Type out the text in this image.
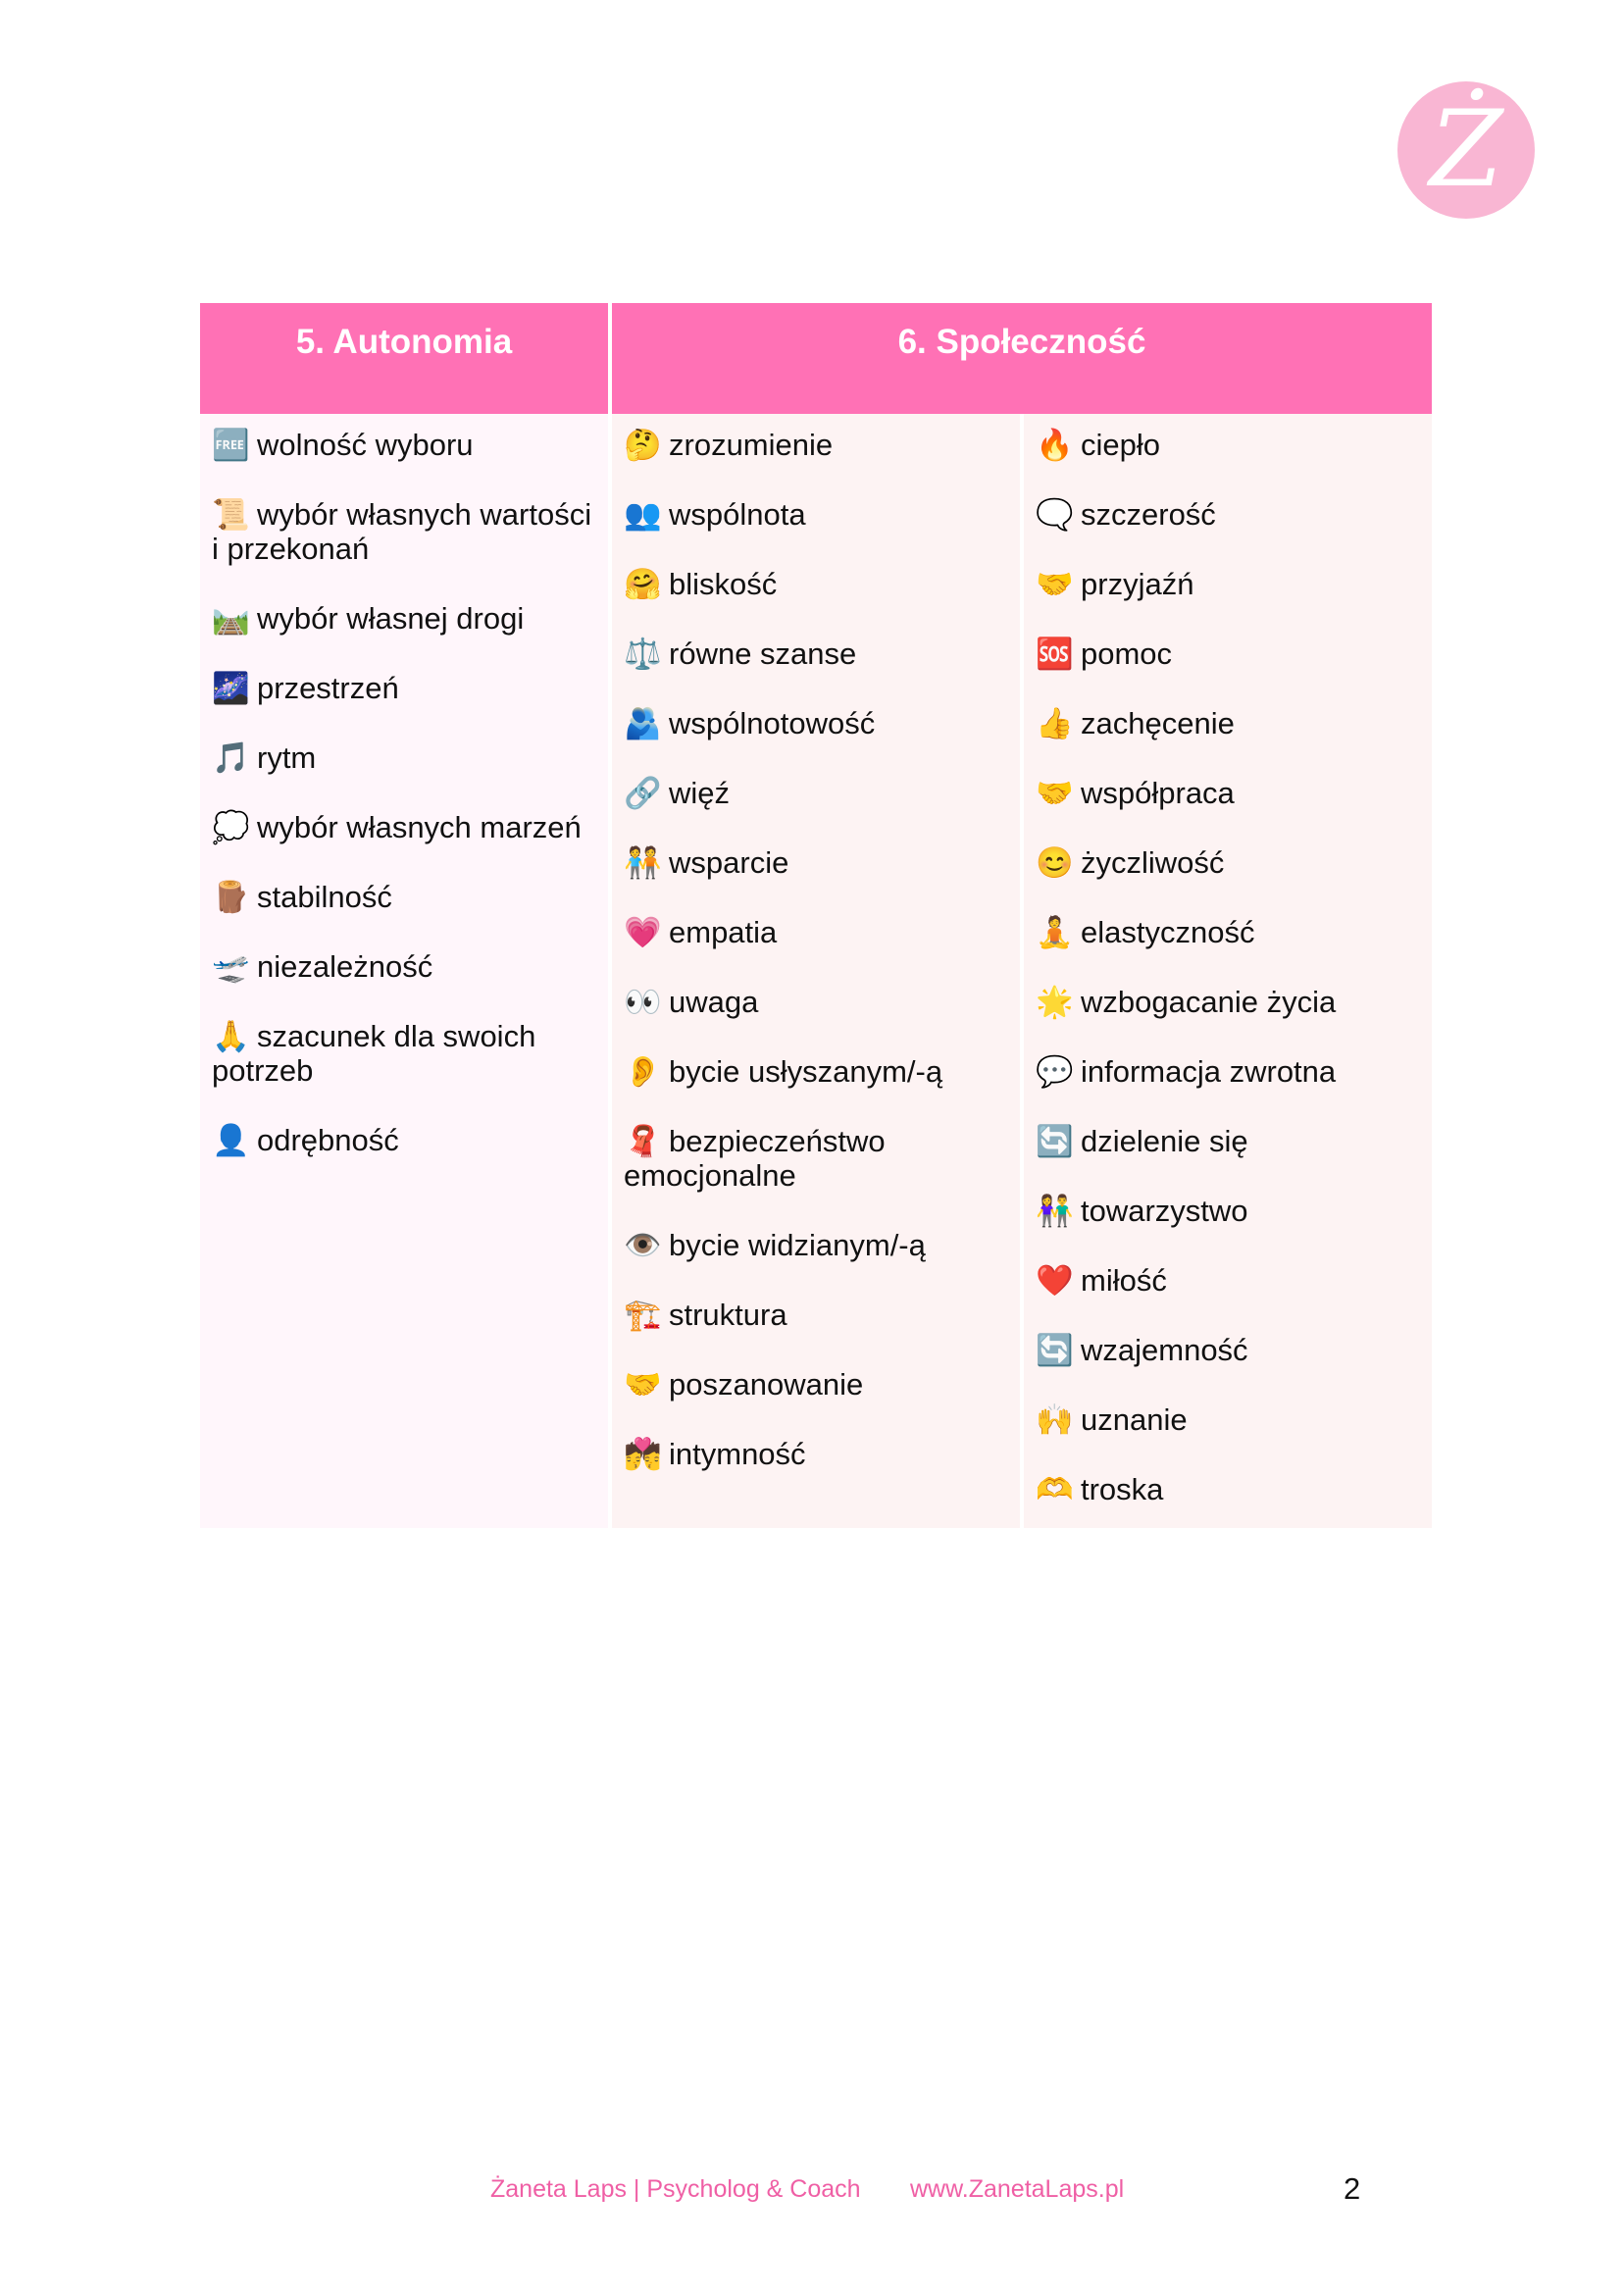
Ż
5. Autonomia	6. Społeczność
🆓 wolność wyboru
📜 wybór własnych wartości i przekonań
🛤️ wybór własnej drogi
🌌 przestrzeń
🎵 rytm
💭 wybór własnych marzeń
🪵 stabilność
🛫 niezależność
🙏 szacunek dla swoich potrzeb
👤 odrębność
🤔 zrozumienie
👥 wspólnota
🤗 bliskość
⚖️ równe szanse
🫂 wspólnotowość
🔗 więź
🧑‍🤝‍🧑 wsparcie
💗 empatia
👀 uwaga
👂 bycie usłyszanym/-ą
🧣 bezpieczeństwo emocjonalne
👁️ bycie widzianym/-ą
🏗️ struktura
🤝 poszanowanie
💏 intymność
🔥 ciepło
🗨️ szczerość
🤝 przyjaźń
🆘 pomoc
👍 zachęcenie
🤝 współpraca
😊 życzliwość
🧘 elastyczność
🌟 wzbogacanie życia
💬 informacja zwrotna
🔄 dzielenie się
👫 towarzystwo
❤️ miłość
🔄 wzajemność
🙌 uznanie
🫶 troska
Żaneta Laps | Psycholog & Coach www.ZanetaLaps.pl	2
